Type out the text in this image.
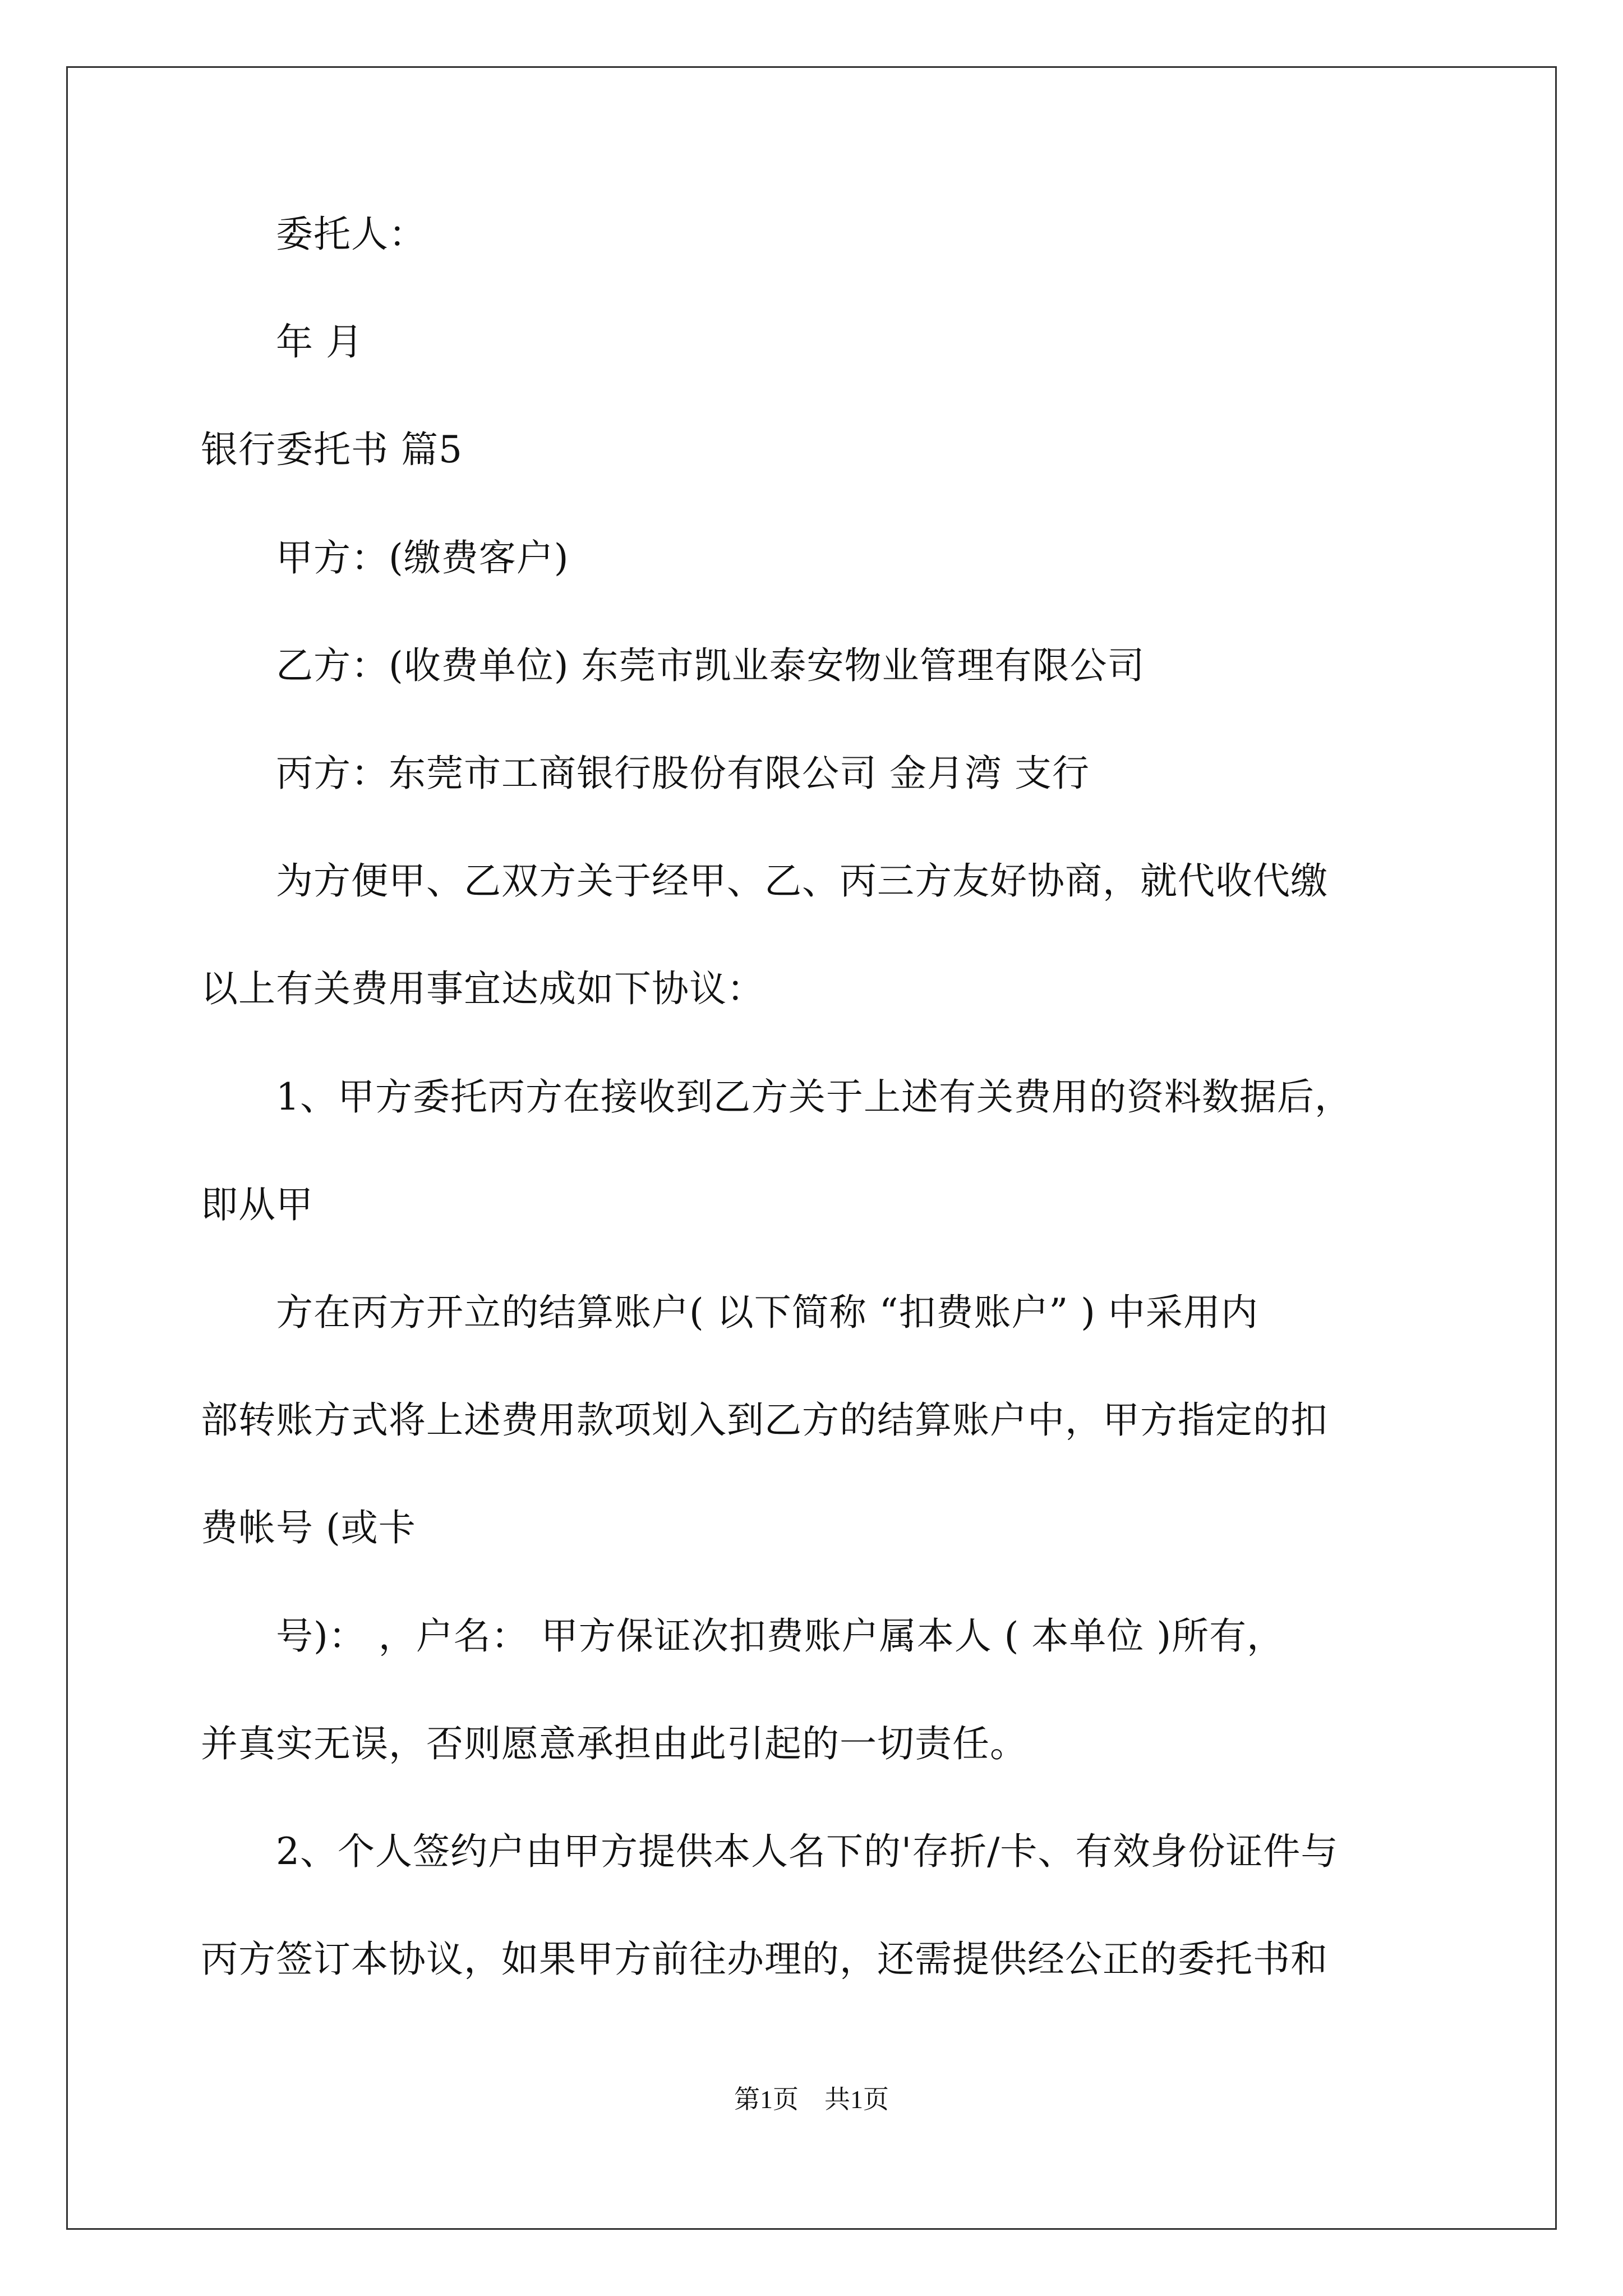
　　委托人：
　　年 月
银行委托书 篇5
　　甲方：(缴费客户)
　　乙方：(收费单位) 东莞市凯业泰安物业管理有限公司
　　丙方：东莞市工商银行股份有限公司 金月湾 支行
　　为方便甲、乙双方关于经甲、乙、丙三方友好协商，就代收代缴
以上有关费用事宜达成如下协议：
　　1、甲方委托丙方在接收到乙方关于上述有关费用的资料数据后，
即从甲
　　方在丙方开立的结算账户( 以下简称 “扣费账户” ) 中采用内
部转账方式将上述费用款项划入到乙方的结算账户中，甲方指定的扣
费帐号 (或卡
　　号)： ，户名： 甲方保证次扣费账户属本人 ( 本单位 )所有，
并真实无误，否则愿意承担由此引起的一切责任。
　　2、个人签约户由甲方提供本人名下的'存折/卡、有效身份证件与
丙方签订本协议，如果甲方前往办理的，还需提供经公正的委托书和
第1页　共1页
